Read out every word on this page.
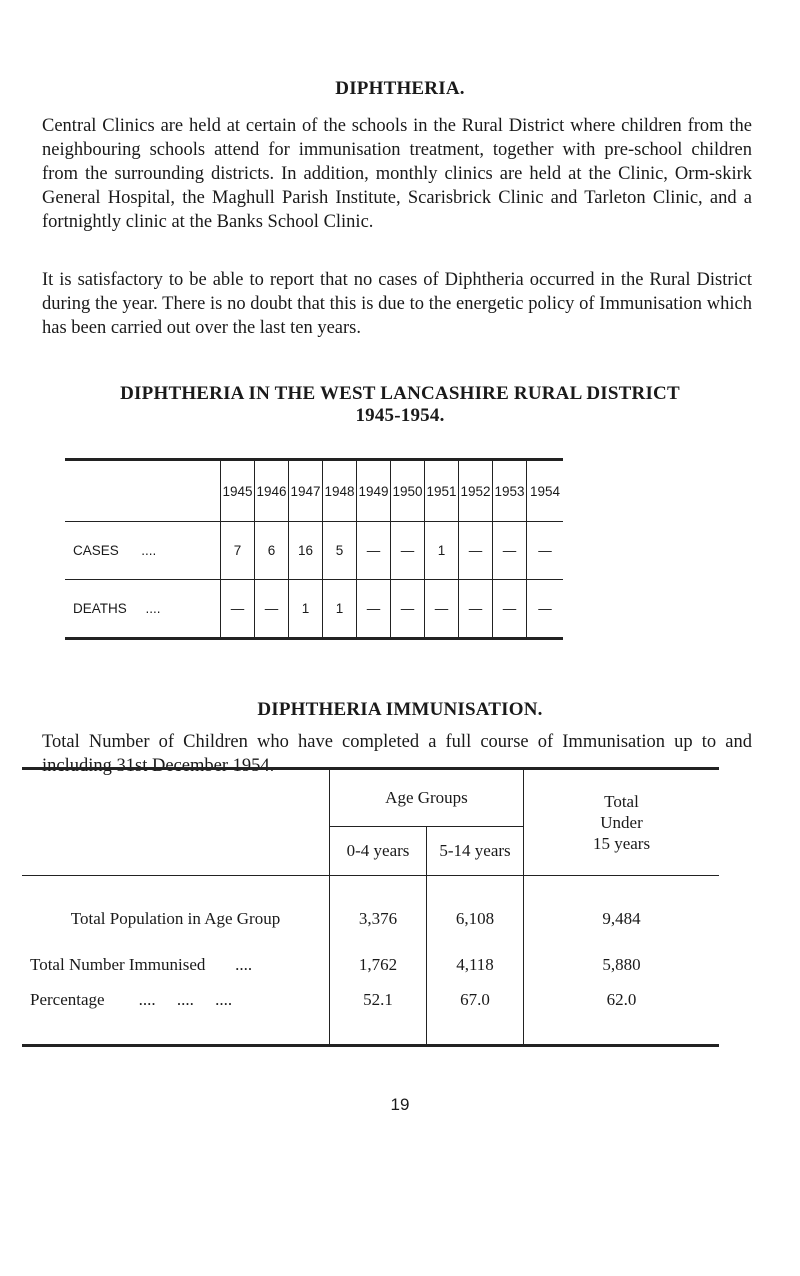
DIPHTHERIA.
Central Clinics are held at certain of the schools in the Rural District where children from the neighbouring schools attend for immunisation treatment, together with pre-school children from the surrounding districts. In addition, monthly clinics are held at the Clinic, Orm-skirk General Hospital, the Maghull Parish Institute, Scarisbrick Clinic and Tarleton Clinic, and a fortnightly clinic at the Banks School Clinic.
It is satisfactory to be able to report that no cases of Diphtheria occurred in the Rural District during the year. There is no doubt that this is due to the energetic policy of Immunisation which has been carried out over the last ten years.
DIPHTHERIA IN THE WEST LANCASHIRE RURAL DISTRICT
1945-1954.
	1945	1946	1947	1948	1949	1950	1951	1952	1953	1954
CASES      ....	7	6	16	5	—	—	1	—	—	—
DEATHS     ....	—	—	1	1	—	—	—	—	—	—
DIPHTHERIA IMMUNISATION.
Total Number of Children who have completed a full course of Immunisation up to and including 31st December 1954.
	Age Groups		Total
Under
15 years

	0-4 years	5-14 years	
Total Population in Age Group	3,376	6,108	9,484
Total Number Immunised       ....	1,762	4,118	5,880
Percentage        ....     ....     ....	52.1	67.0	62.0
19
